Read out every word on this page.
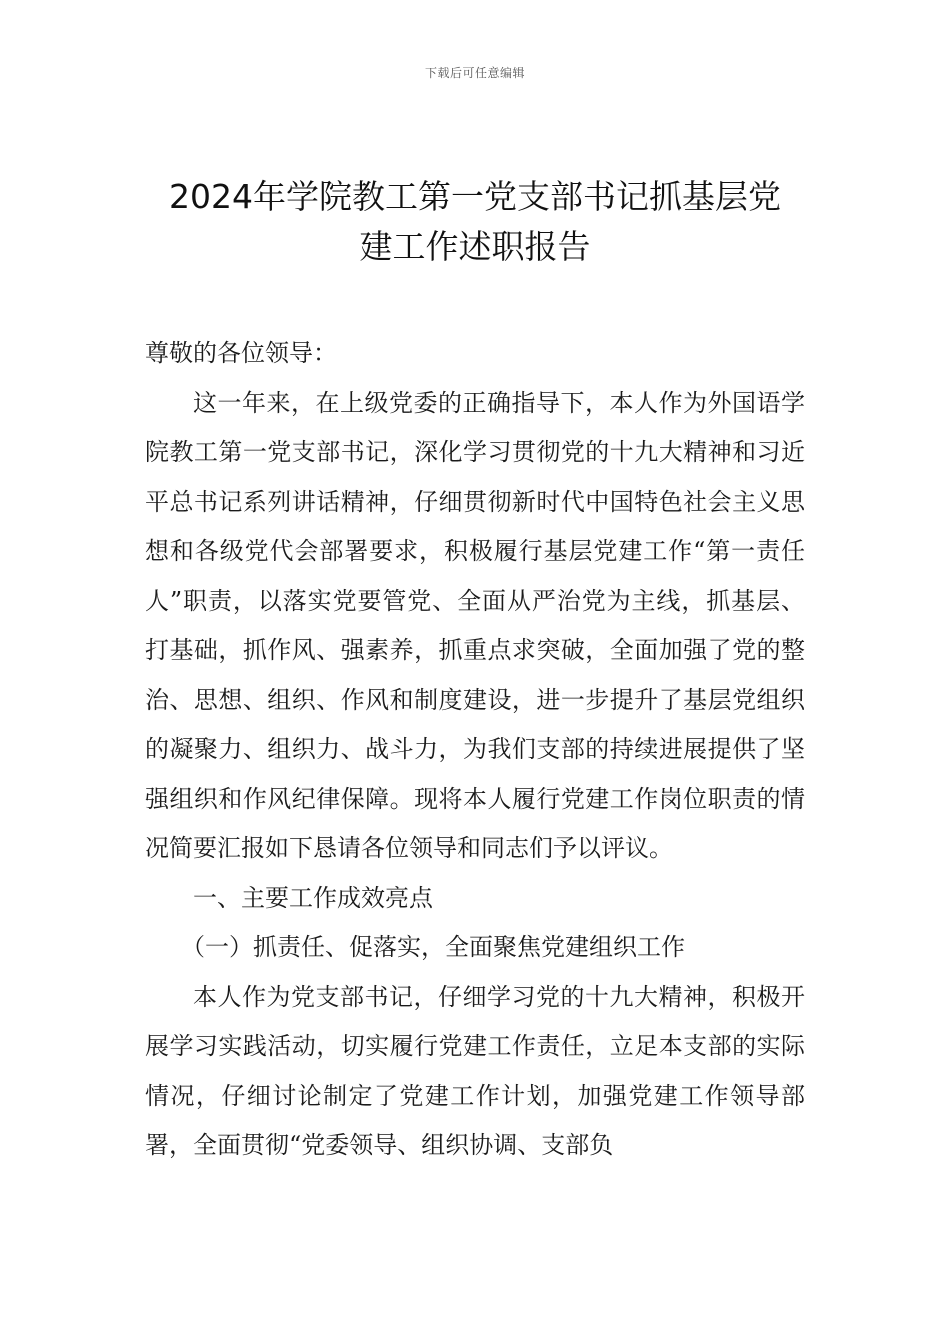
下载后可任意编辑
2024年学院教工第一党支部书记抓基层党
建工作述职报告

尊敬的各位领导：

这一年来，在上级党委的正确指导下，本人作为外国语学院教工第一党支部书记，深化学习贯彻党的十九大精神和习近平总书记系列讲话精神，仔细贯彻新时代中国特色社会主义思想和各级党代会部署要求，积极履行基层党建工作“第一责任人”职责，以落实党要管党、全面从严治党为主线，抓基层、打基础，抓作风、强素养，抓重点求突破，全面加强了党的整治、思想、组织、作风和制度建设，进一步提升了基层党组织的凝聚力、组织力、战斗力，为我们支部的持续进展提供了坚强组织和作风纪律保障。现将本人履行党建工作岗位职责的情况简要汇报如下恳请各位领导和同志们予以评议。

一、主要工作成效亮点

（一）抓责任、促落实，全面聚焦党建组织工作

本人作为党支部书记，仔细学习党的十九大精神，积极开展学习实践活动，切实履行党建工作责任，立足本支部的实际情况，仔细讨论制定了党建工作计划，加强党建工作领导部署，全面贯彻“党委领导、组织协调、支部负
